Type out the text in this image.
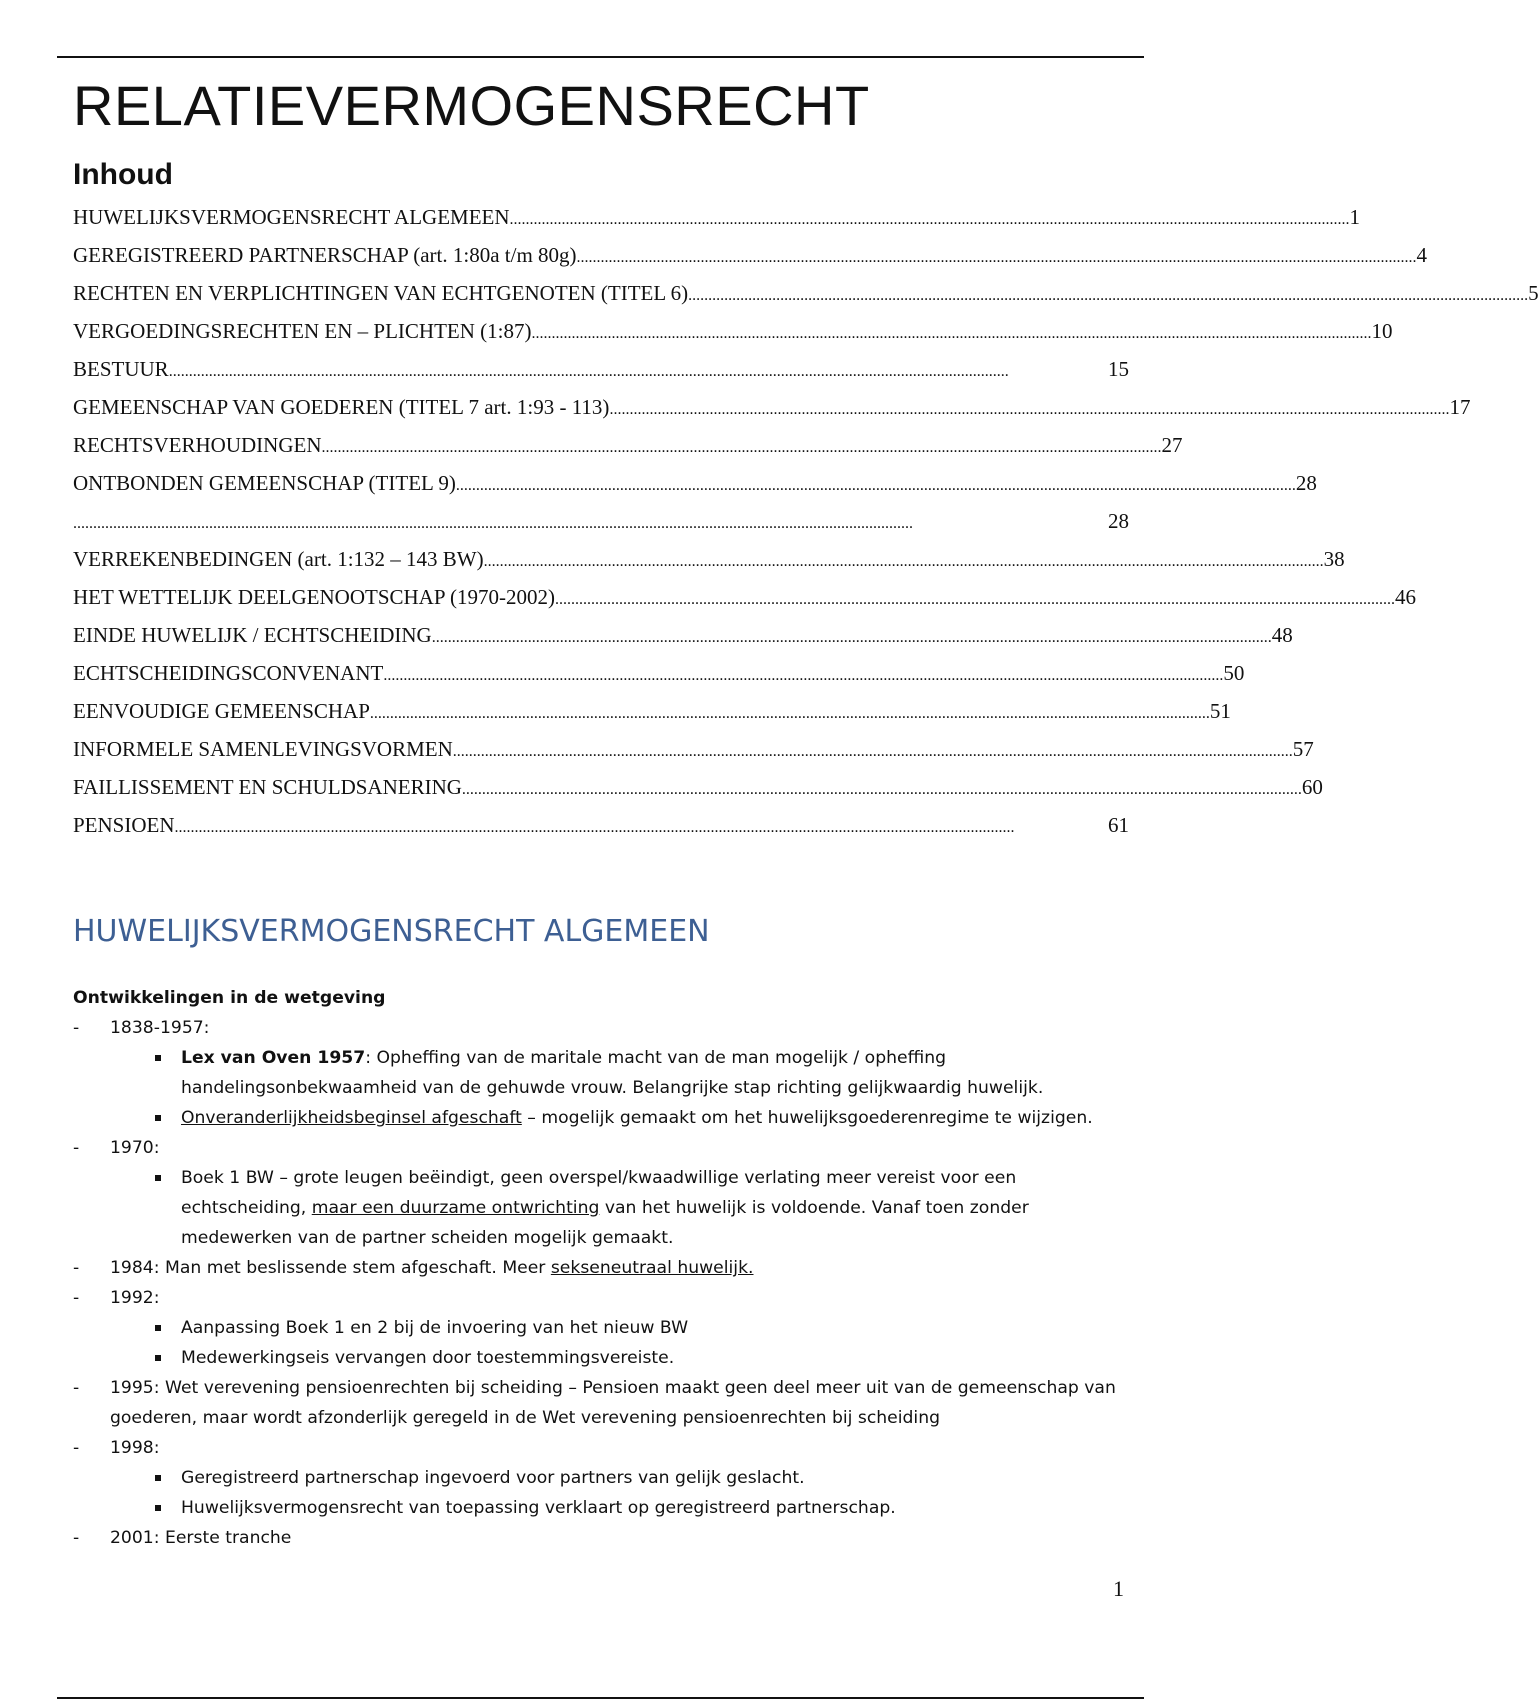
RELATIEVERMOGENSRECHT
Inhoud
HUWELIJKSVERMOGENSRECHT ALGEMEEN .................................................................................................................................................................................................................. 1
GEREGISTREERD PARTNERSCHAP (art. 1:80a t/m 80g) .................................................................................................................................................................................................................. 4
RECHTEN EN VERPLICHTINGEN VAN ECHTGENOTEN (TITEL 6) .................................................................................................................................................................................................................. 5
VERGOEDINGSRECHTEN EN – PLICHTEN (1:87) .................................................................................................................................................................................................................. 10
BESTUUR ..................................................................................................................................................................................................................	15
GEMEENSCHAP VAN GOEDEREN (TITEL 7 art. 1:93 - 113) .................................................................................................................................................................................................................. 17
RECHTSVERHOUDINGEN .................................................................................................................................................................................................................. 27
ONTBONDEN GEMEENSCHAP (TITEL 9) .................................................................................................................................................................................................................. 28
..................................................................................................................................................................................................................	28
VERREKENBEDINGEN (art. 1:132 – 143 BW) .................................................................................................................................................................................................................. 38
HET WETTELIJK DEELGENOOTSCHAP (1970-2002) .................................................................................................................................................................................................................. 46
EINDE HUWELIJK / ECHTSCHEIDING .................................................................................................................................................................................................................. 48
ECHTSCHEIDINGSCONVENANT .................................................................................................................................................................................................................. 50
EENVOUDIGE GEMEENSCHAP .................................................................................................................................................................................................................. 51
INFORMELE SAMENLEVINGSVORMEN .................................................................................................................................................................................................................. 57
FAILLISSEMENT EN SCHULDSANERING .................................................................................................................................................................................................................. 60
PENSIOEN ..................................................................................................................................................................................................................	61
HUWELIJKSVERMOGENSRECHT ALGEMEEN

Ontwikkelingen in de wetgeving

- 1838-1957:

Lex van Oven 1957: Opheffing van de maritale macht van de man mogelijk / opheffing handelingsonbekwaamheid van de gehuwde vrouw. Belangrijke stap richting gelijkwaardig huwelijk.

Onveranderlijkheidsbeginsel afgeschaft – mogelijk gemaakt om het huwelijksgoederenregime te wijzigen.

- 1970:

Boek 1 BW – grote leugen beëindigt, geen overspel/kwaadwillige verlating meer vereist voor een echtscheiding, maar een duurzame ontwrichting van het huwelijk is voldoende. Vanaf toen zonder medewerken van de partner scheiden mogelijk gemaakt.

- 1984: Man met beslissende stem afgeschaft. Meer sekseneutraal huwelijk.

- 1992:

Aanpassing Boek 1 en 2 bij de invoering van het nieuw BW

Medewerkingseis vervangen door toestemmingsvereiste.

- 1995: Wet verevening pensioenrechten bij scheiding – Pensioen maakt geen deel meer uit van de gemeenschap van goederen, maar wordt afzonderlijk geregeld in de Wet verevening pensioenrechten bij scheiding

- 1998:

Geregistreerd partnerschap ingevoerd voor partners van gelijk geslacht.

Huwelijksvermogensrecht van toepassing verklaart op geregistreerd partnerschap.

- 2001: Eerste tranche

1
